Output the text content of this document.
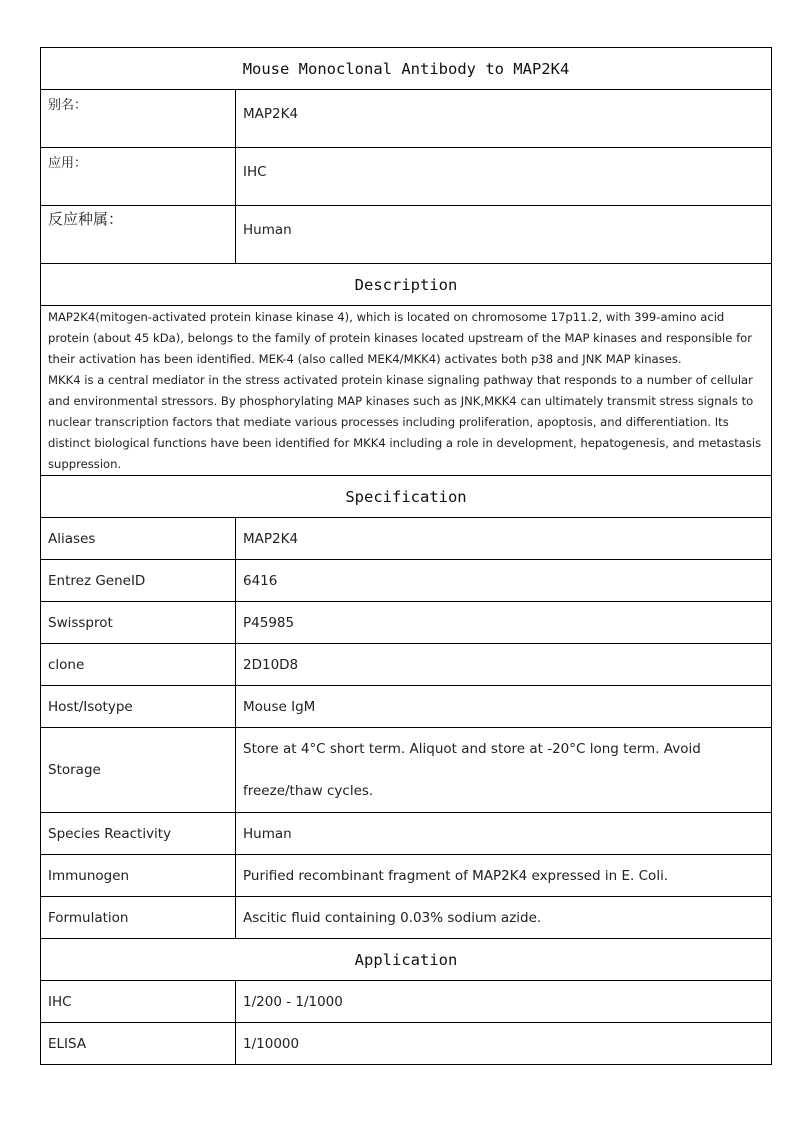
Mouse Monoclonal Antibody to MAP2K4	
别名：	MAP2K4
应用：	IHC
反应种属：	Human
Description	

MAP2K4(mitogen-activated protein kinase kinase 4), which is located on chromosome 17p11.2, with 399-amino acid protein (about 45 kDa), belongs to the family of protein kinases located upstream of the MAP kinases and responsible for their activation has been identified. MEK-4 (also called MEK4/MKK4) activates both p38 and JNK MAP kinases.

MKK4 is a central mediator in the stress activated protein kinase signaling pathway that responds to a number of cellular and environmental stressors. By phosphorylating MAP kinases such as JNK,MKK4 can ultimately transmit stress signals to nuclear transcription factors that mediate various processes including proliferation, apoptosis, and differentiation. Its distinct biological functions have been identified for MKK4 including a role in development, hepatogenesis, and metastasis suppression.	

Specification	
Aliases	MAP2K4
Entrez GeneID	6416
Swissprot	P45985
clone	2D10D8
Host/Isotype	Mouse IgM
Storage	Store at 4°C short term. Aliquot and store at -20°C long term. Avoid freeze/thaw cycles.
Species Reactivity	Human
Immunogen	Purified recombinant fragment of MAP2K4 expressed in E. Coli.
Formulation	Ascitic fluid containing 0.03% sodium azide.
Application	
IHC	1/200 - 1/1000
ELISA	1/10000
